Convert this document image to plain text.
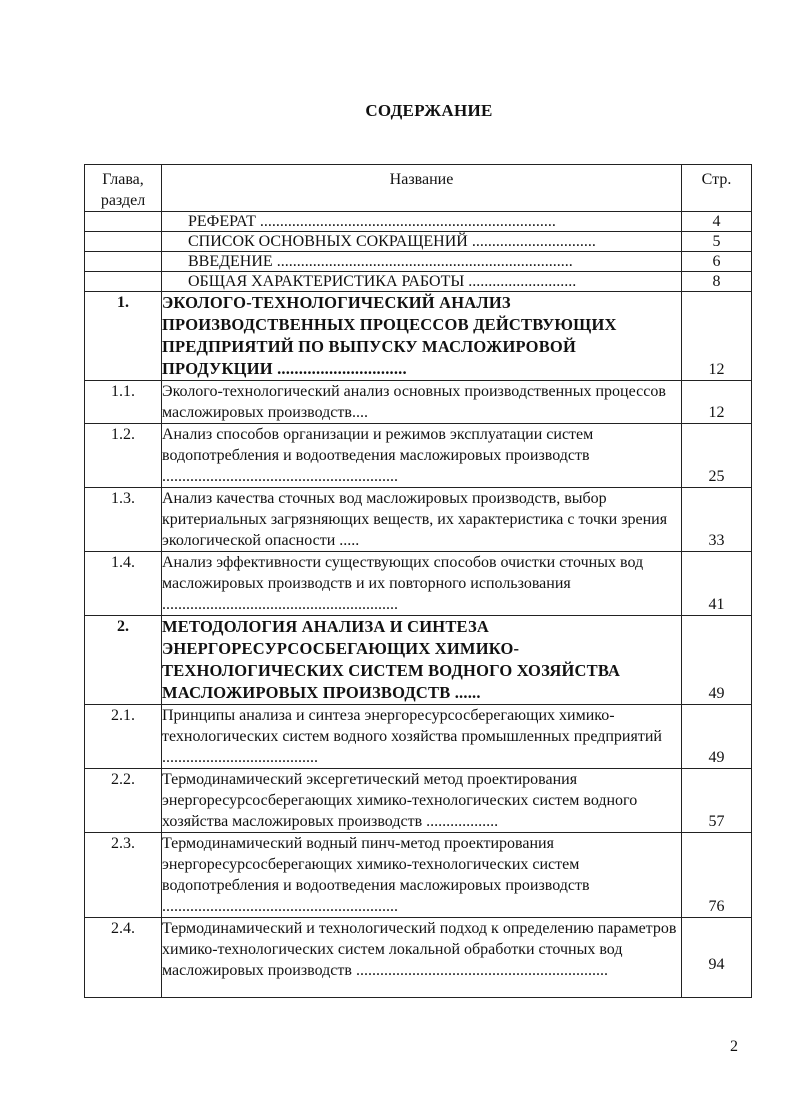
СОДЕРЖАНИЕ
Глава, раздел	Название	Стр.
	РЕФЕРАТ ..........................................................................	4
	СПИСОК ОСНОВНЫХ СОКРАЩЕНИЙ ...............................	5
	ВВЕДЕНИЕ ..........................................................................	6
	ОБЩАЯ ХАРАКТЕРИСТИКА РАБОТЫ ...........................	8
1.	ЭКОЛОГО-ТЕХНОЛОГИЧЕСКИЙ АНАЛИЗ ПРОИЗВОДСТВЕННЫХ ПРОЦЕССОВ ДЕЙСТВУЮЩИХ ПРЕДПРИЯТИЙ ПО ВЫПУСКУ МАСЛОЖИРОВОЙ ПРОДУКЦИИ ..............................	12
1.1.	Эколого-технологический анализ основных производственных процессов масложировых производств....	12
1.2.	Анализ способов организации и режимов эксплуатации систем водопотребления и водоотведения масложировых производств ...........................................................	25
1.3.	Анализ качества сточных вод масложировых производств, выбор критериальных загрязняющих веществ, их характеристика с точки зрения экологической опасности .....	33
1.4.	Анализ эффективности существующих способов очистки сточных вод масложировых производств и их повторного использования ...........................................................	41
2.	МЕТОДОЛОГИЯ АНАЛИЗА И СИНТЕЗА ЭНЕРГОРЕСУРСОСБЕГАЮЩИХ ХИМИКО-ТЕХНОЛОГИЧЕСКИХ СИСТЕМ ВОДНОГО ХОЗЯЙСТВА МАСЛОЖИРОВЫХ ПРОИЗВОДСТВ ......	49
2.1.	Принципы анализа и синтеза энергоресурсосберегающих химико-технологических систем водного хозяйства промышленных предприятий .......................................	49
2.2.	Термодинамический эксергетический метод проектирования энергоресурсосберегающих химико-технологических систем водного хозяйства масложировых производств ..................	57
2.3.	Термодинамический водный пинч-метод проектирования энергоресурсосберегающих химико-технологических систем водопотребления и водоотведения масложировых производств ...........................................................	76
2.4.	Термодинамический и технологический подход к определению параметров химико-технологических систем локальной обработки сточных вод масложировых производств ...............................................................	94
2
